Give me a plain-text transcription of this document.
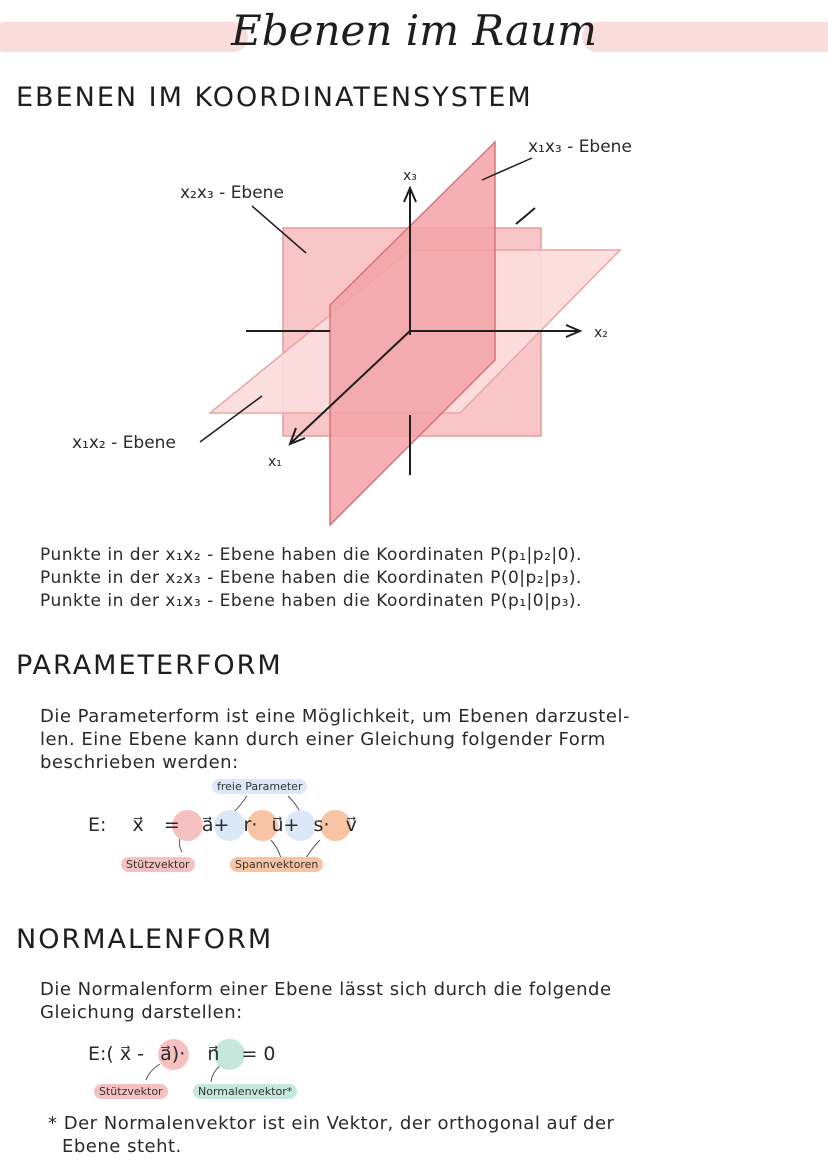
Ebenen im Raum
EBENEN IM KOORDINATENSYSTEM
x₁x₃ - Ebene
x₂x₃ - Ebene
x₁x₂ - Ebene
x₃
x₂
x₁
Punkte in der x₁x₂ - Ebene haben die Koordinaten P(p₁|p₂|0).
Punkte in der x₂x₃ - Ebene haben die Koordinaten P(0|p₂|p₃).
Punkte in der x₁x₃ - Ebene haben die Koordinaten P(p₁|0|p₃).
PARAMETERFORM
Die Parameterform ist eine Möglichkeit, um Ebenen darzustel-
len. Eine Ebene kann durch einer Gleichung folgender Form
beschrieben werden:
freie Parameter
E: x⃗ = a⃗+ r· u⃗+ s· v⃗
Stützvektor	Spannvektoren
NORMALENFORM
Die Normalenform einer Ebene lässt sich durch die folgende
Gleichung darstellen:
E:( x⃗ - a⃗)· n⃗ = 0
Stützvektor	Normalenvektor*
* Der Normalenvektor ist ein Vektor, der orthogonal auf der
Ebene steht.
